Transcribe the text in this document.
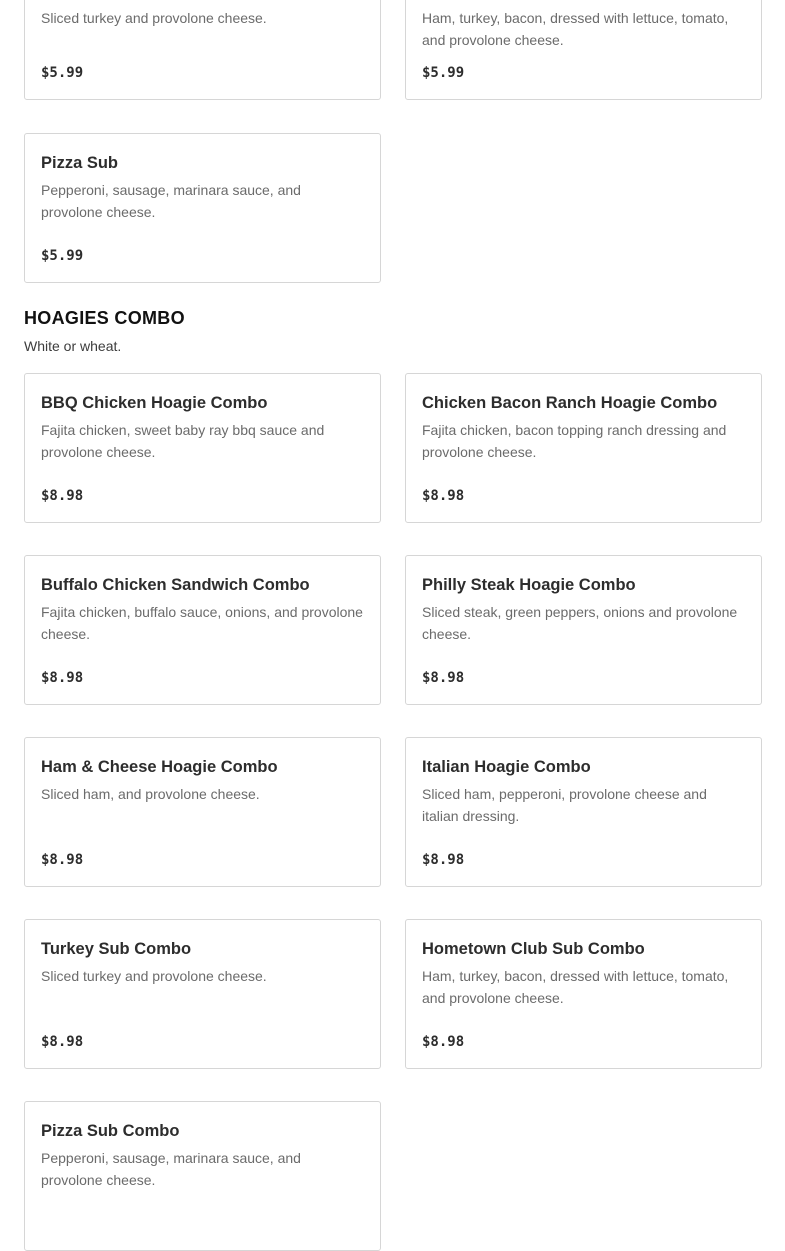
Sliced turkey and provolone cheese.
$5.99
Ham, turkey, bacon, dressed with lettuce, tomato, and provolone cheese.
$5.99
Pizza Sub
Pepperoni, sausage, marinara sauce, and provolone cheese.
$5.99
HOAGIES COMBO
White or wheat.
BBQ Chicken Hoagie Combo
Fajita chicken, sweet baby ray bbq sauce and provolone cheese.
$8.98
Chicken Bacon Ranch Hoagie Combo
Fajita chicken, bacon topping ranch dressing and provolone cheese.
$8.98
Buffalo Chicken Sandwich Combo
Fajita chicken, buffalo sauce, onions, and provolone cheese.
$8.98
Philly Steak Hoagie Combo
Sliced steak, green peppers, onions and provolone cheese.
$8.98
Ham & Cheese Hoagie Combo
Sliced ham, and provolone cheese.
$8.98
Italian Hoagie Combo
Sliced ham, pepperoni, provolone cheese and italian dressing.
$8.98
Turkey Sub Combo
Sliced turkey and provolone cheese.
$8.98
Hometown Club Sub Combo
Ham, turkey, bacon, dressed with lettuce, tomato, and provolone cheese.
$8.98
Pizza Sub Combo
Pepperoni, sausage, marinara sauce, and provolone cheese.
